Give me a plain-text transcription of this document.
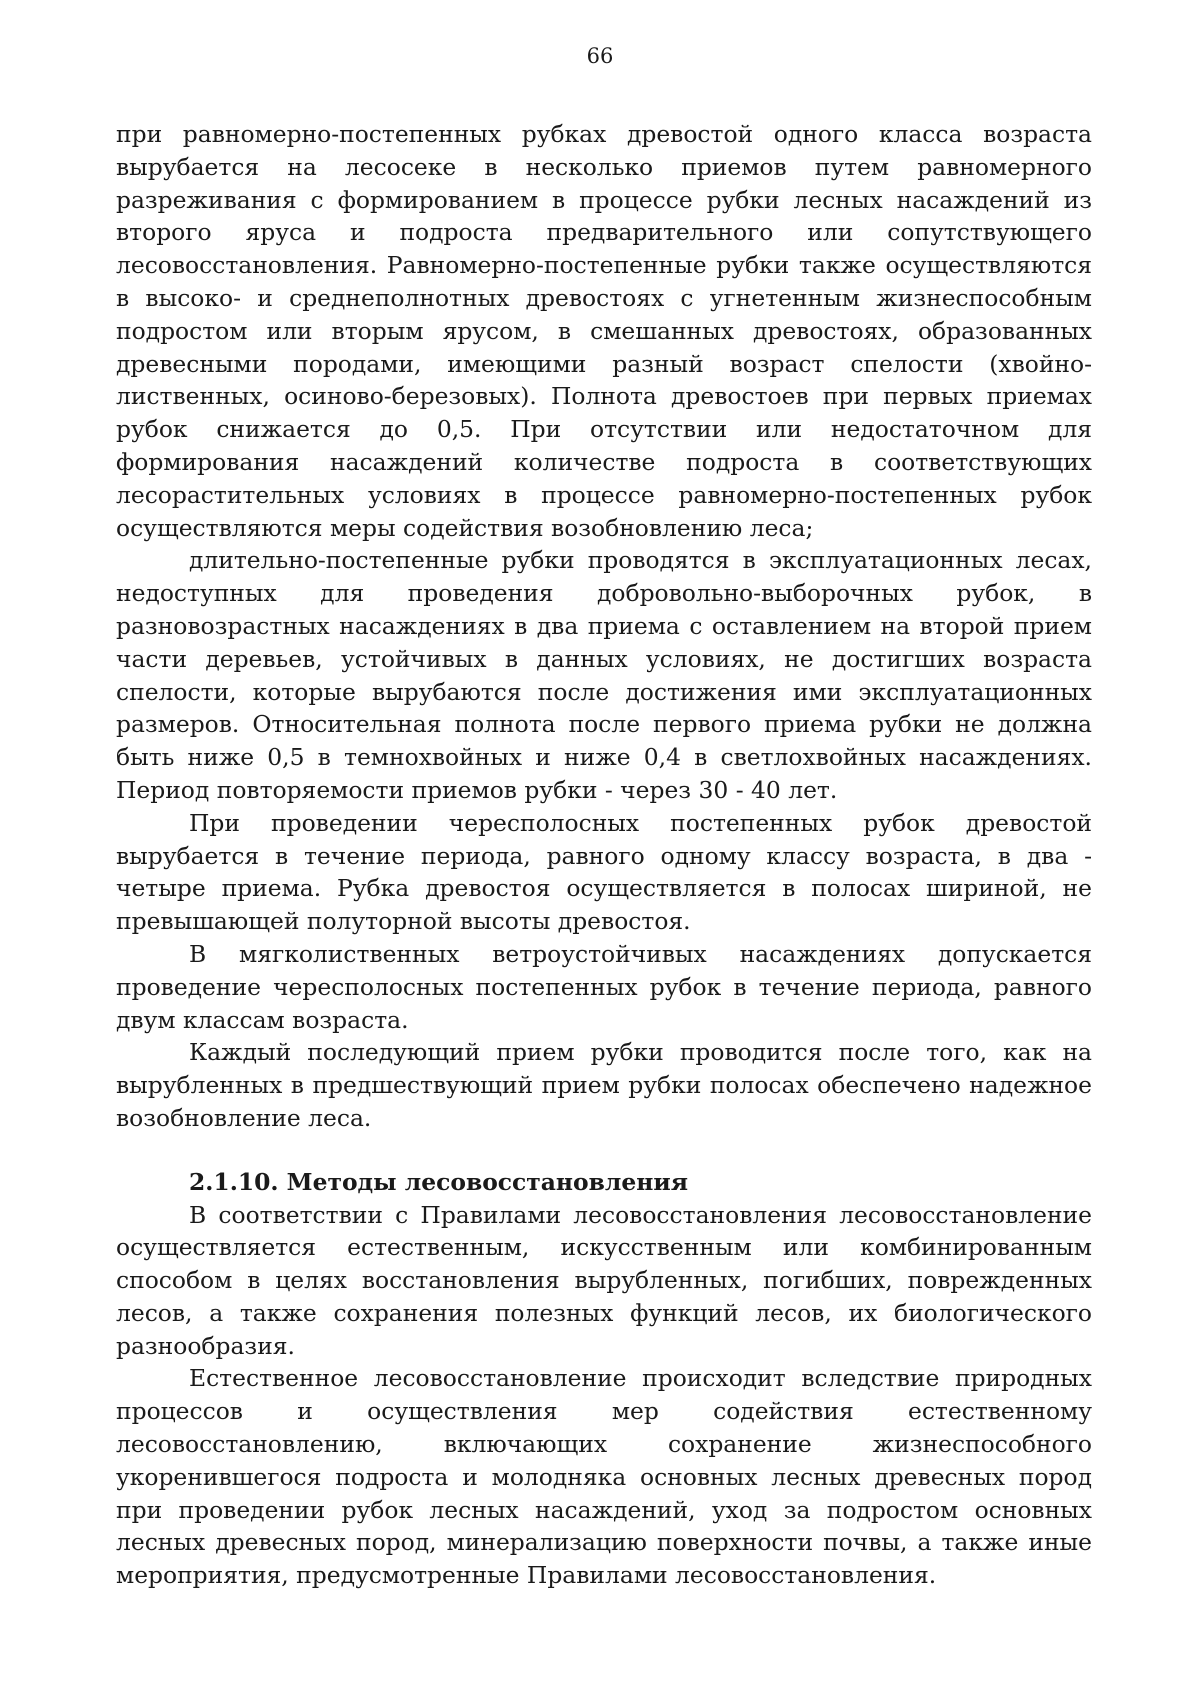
66

при равномерно-постепенных рубках древостой одного класса возраста вырубается на лесосеке в несколько приемов путем равномерного разреживания с формированием в процессе рубки лесных насаждений из второго яруса и подроста предварительного или сопутствующего лесовосстановления. Равномерно-постепенные рубки также осуществляются в высоко- и среднеполнотных древостоях с угнетенным жизнеспособным подростом или вторым ярусом, в смешанных древостоях, образованных древесными породами, имеющими разный возраст спелости (хвойно-лиственных, осиново-березовых). Полнота древостоев при первых приемах рубок снижается до 0,5. При отсутствии или недостаточном для формирования насаждений количестве подроста в соответствующих лесорастительных условиях в процессе равномерно-постепенных рубок осуществляются меры содействия возобновлению леса;

длительно-постепенные рубки проводятся в эксплуатационных лесах, недоступных для проведения добровольно-выборочных рубок, в разновозрастных насаждениях в два приема с оставлением на второй прием части деревьев, устойчивых в данных условиях, не достигших возраста спелости, которые вырубаются после достижения ими эксплуатационных размеров. Относительная полнота после первого приема рубки не должна быть ниже 0,5 в темнохвойных и ниже 0,4 в светлохвойных насаждениях. Период повторяемости приемов рубки - через 30 - 40 лет.

При проведении чересполосных постепенных рубок древостой вырубается в течение периода, равного одному классу возраста, в два - четыре приема. Рубка древостоя осуществляется в полосах шириной, не превышающей полуторной высоты древостоя.

В мягколиственных ветроустойчивых насаждениях допускается проведение чересполосных постепенных рубок в течение периода, равного двум классам возраста.

Каждый последующий прием рубки проводится после того, как на вырубленных в предшествующий прием рубки полосах обеспечено надежное возобновление леса.

2.1.10. Методы лесовосстановления

В соответствии с Правилами лесовосстановления лесовосстановление осуществляется естественным, искусственным или комбинированным способом в целях восстановления вырубленных, погибших, поврежденных лесов, а также сохранения полезных функций лесов, их биологического разнообразия.

Естественное лесовосстановление происходит вследствие природных процессов и осуществления мер содействия естественному лесовосстановлению, включающих сохранение жизнеспособного укоренившегося подроста и молодняка основных лесных древесных пород при проведении рубок лесных насаждений, уход за подростом основных лесных древесных пород, минерализацию поверхности почвы, а также иные мероприятия, предусмотренные Правилами лесовосстановления.
